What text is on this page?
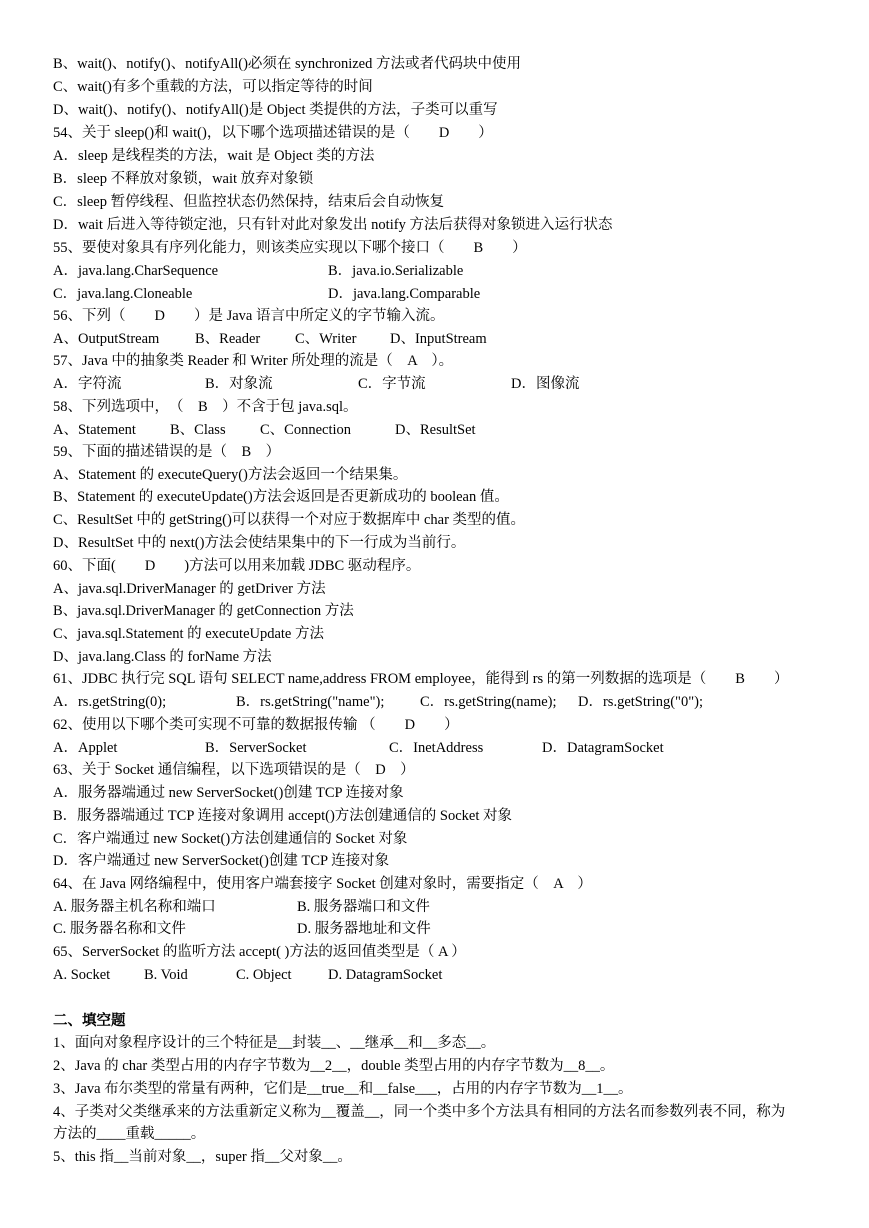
B、wait()、notify()、notifyAll()必须在 synchronized 方法或者代码块中使用
C、wait()有多个重载的方法，可以指定等待的时间
D、wait()、notify()、notifyAll()是 Object 类提供的方法，子类可以重写
54、关于 sleep()和 wait()，以下哪个选项描述错误的是（　　D　　）
A．sleep 是线程类的方法，wait 是 Object 类的方法
B．sleep 不释放对象锁，wait 放弃对象锁
C．sleep 暂停线程、但监控状态仍然保持，结束后会自动恢复
D．wait 后进入等待锁定池，只有针对此对象发出 notify 方法后获得对象锁进入运行状态
55、要使对象具有序列化能力，则该类应实现以下哪个接口（　　B　　）
A．java.lang.CharSequence	B．java.io.Serializable
C．java.lang.Cloneable	D．java.lang.Comparable
56、下列（　　D　　）是 Java 语言中所定义的字节输入流。
A、OutputStream B、Reader C、Writer D、InputStream
57、Java 中的抽象类 Reader 和 Writer 所处理的流是（　A　）。
A．字符流	B．对象流	C．字节流	D．图像流
58、下列选项中，　（　B　）不含于包 java.sql。
A、Statement B、Class C、Connection	D、ResultSet
59、下面的描述错误的是（　B　）
A、Statement 的 executeQuery()方法会返回一个结果集。
B、Statement 的 executeUpdate()方法会返回是否更新成功的 boolean 值。
C、ResultSet 中的 getString()可以获得一个对应于数据库中 char 类型的值。
D、ResultSet 中的 next()方法会使结果集中的下一行成为当前行。
60、下面(　　D　　)方法可以用来加载 JDBC 驱动程序。
A、java.sql.DriverManager 的 getDriver 方法
B、java.sql.DriverManager 的 getConnection 方法
C、java.sql.Statement 的 executeUpdate 方法
D、java.lang.Class 的 forName 方法
61、JDBC 执行完 SQL 语句 SELECT name,address FROM employee，能得到 rs 的第一列数据的选项是（　　B　　）
A．rs.getString(0);	B．rs.getString("name"); C．rs.getString(name); D．rs.getString("0");
62、使用以下哪个类可实现不可靠的数据报传输 （　　D　　）
A．Applet	B．ServerSocket	C．InetAddress	D．DatagramSocket
63、关于 Socket 通信编程，以下选项错误的是（　D　）
A．服务器端通过 new ServerSocket()创建 TCP 连接对象
B．服务器端通过 TCP 连接对象调用 accept()方法创建通信的 Socket 对象
C．客户端通过 new Socket()方法创建通信的 Socket 对象
D．客户端通过 new ServerSocket()创建 TCP 连接对象
64、在 Java 网络编程中，使用客户端套接字 Socket 创建对象时，需要指定（　A　）
A. 服务器主机名称和端口	B. 服务器端口和文件
C. 服务器名称和文件	D. 服务器地址和文件
65、ServerSocket 的监听方法 accept( )方法的返回值类型是（ A ）
A. Socket B. Void	C. Object	D. DatagramSocket
二、填空题
1、面向对象程序设计的三个特征是__封装__、__继承__和__多态__。
2、Java 的 char 类型占用的内存字节数为__2__，double 类型占用的内存字节数为__8__。
3、Java 布尔类型的常量有两种，它们是__true__和__false___，占用的内存字节数为__1__。
4、子类对父类继承来的方法重新定义称为__覆盖__，同一个类中多个方法具有相同的方法名而参数列表不同，称为
方法的____重载_____。
5、this 指__当前对象__，super 指__父对象__。
